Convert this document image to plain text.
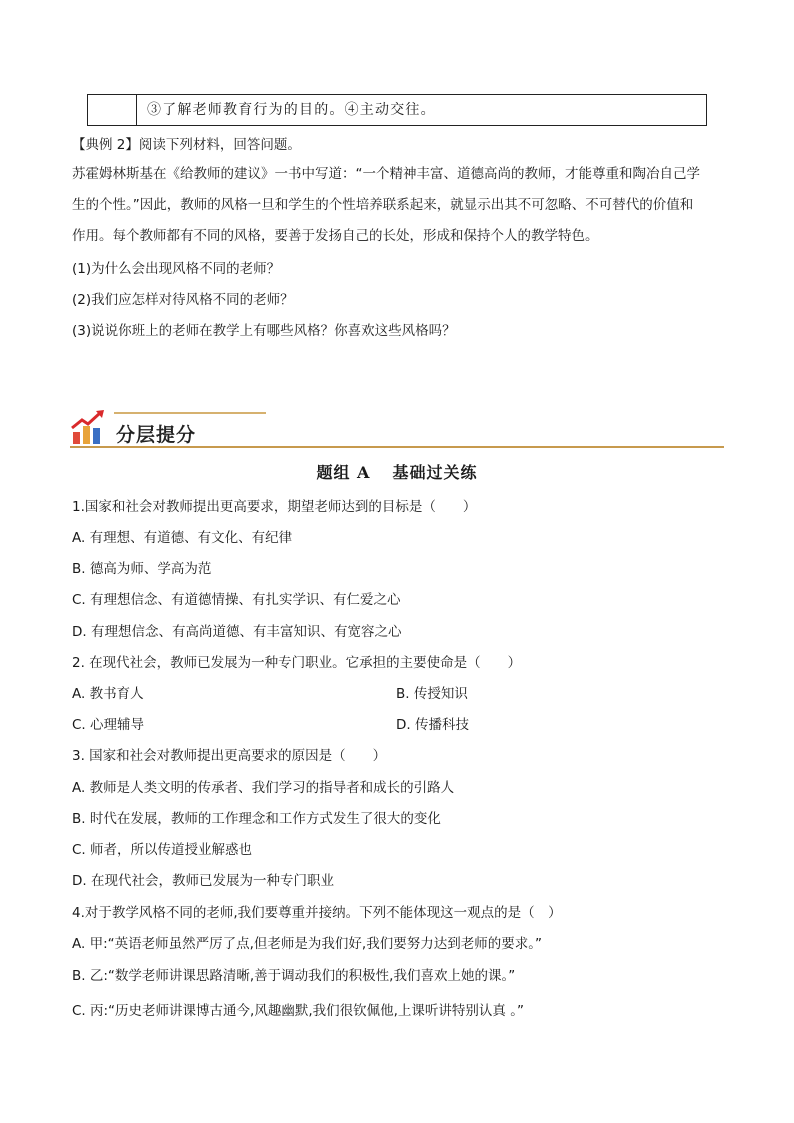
③了解老师教育行为的目的。④主动交往。
【典例 2】阅读下列材料，回答问题。
苏霍姆林斯基在《给教师的建议》一书中写道：“一个精神丰富、道德高尚的教师，才能尊重和陶冶自己学
生的个性。”因此，教师的风格一旦和学生的个性培养联系起来，就显示出其不可忽略、不可替代的价值和
作用。每个教师都有不同的风格，要善于发扬自己的长处，形成和保持个人的教学特色。
(1)为什么会出现风格不同的老师？
(2)我们应怎样对待风格不同的老师？
(3)说说你班上的老师在教学上有哪些风格？你喜欢这些风格吗？
分层提分
题组 A 基础过关练
1.国家和社会对教师提出更高要求，期望老师达到的目标是（　　）
A. 有理想、有道德、有文化、有纪律
B. 德高为师、学高为范
C. 有理想信念、有道德情操、有扎实学识、有仁爱之心
D. 有理想信念、有高尚道德、有丰富知识、有宽容之心
2. 在现代社会，教师已发展为一种专门职业。它承担的主要使命是（　　）
A. 教书育人	B. 传授知识
C. 心理辅导	D. 传播科技
3. 国家和社会对教师提出更高要求的原因是（　　）
A. 教师是人类文明的传承者、我们学习的指导者和成长的引路人
B. 时代在发展，教师的工作理念和工作方式发生了很大的变化
C. 师者，所以传道授业解惑也
D. 在现代社会，教师已发展为一种专门职业
4.对于教学风格不同的老师,我们要尊重并接纳。下列不能体现这一观点的是（　）
A. 甲:“英语老师虽然严厉了点,但老师是为我们好,我们要努力达到老师的要求。”
B. 乙:“数学老师讲课思路清晰,善于调动我们的积极性,我们喜欢上她的课。”
C. 丙:“历史老师讲课博古通今,风趣幽默,我们很钦佩他,上课听讲特别认真 。”
